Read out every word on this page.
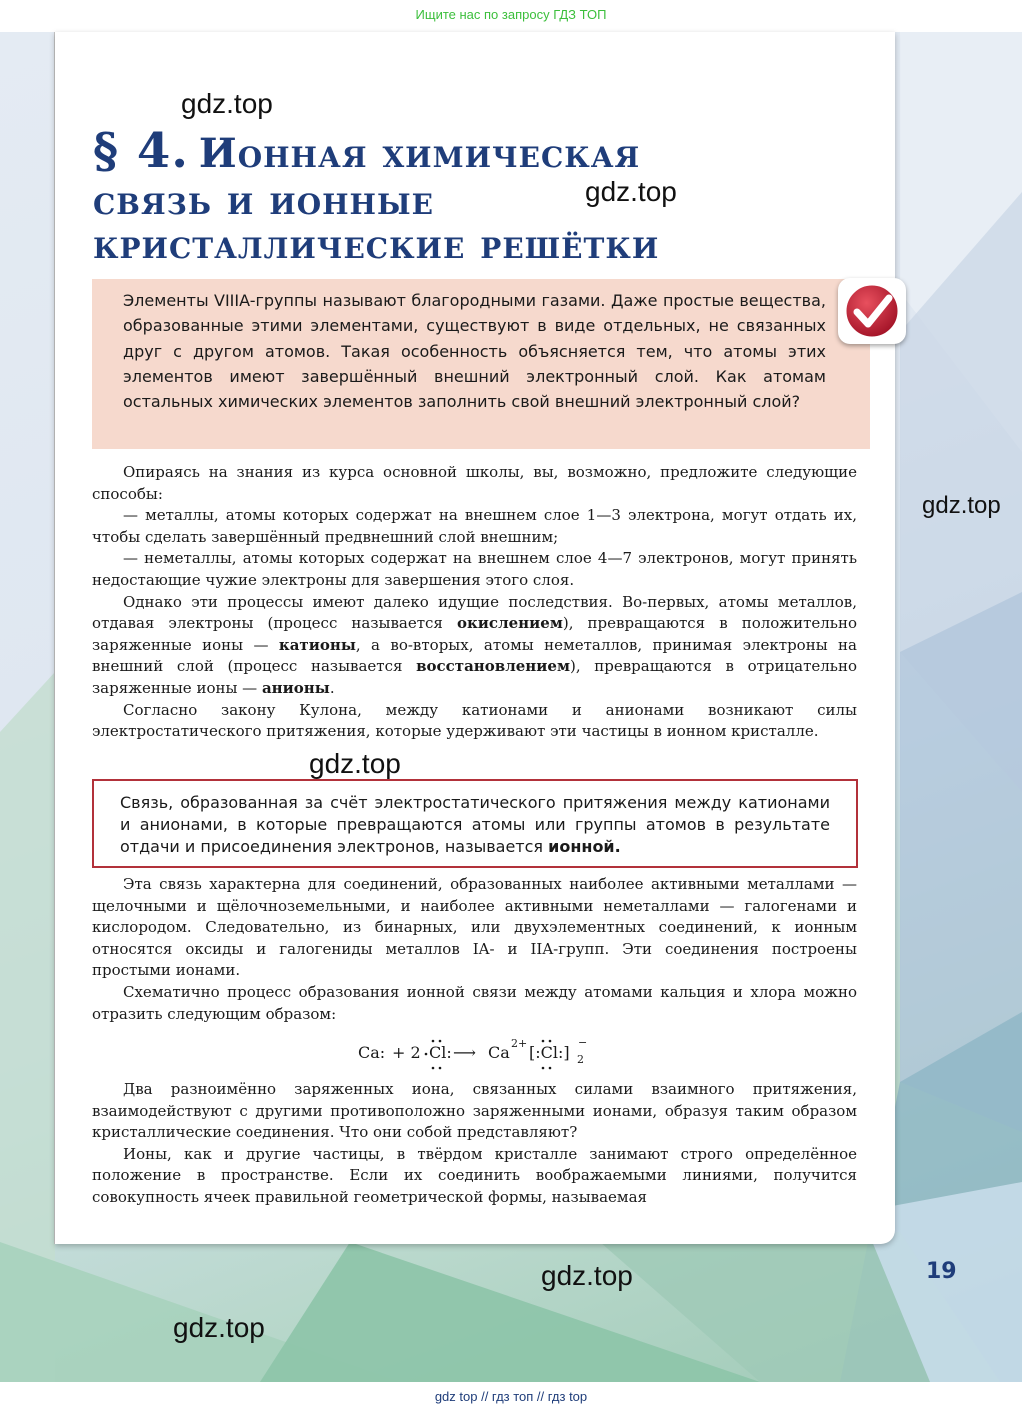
Ищите нас по запросу ГДЗ ТОП
§ 4. Ионная химическая
связь и ионные
кристаллические решётки

Элементы VIIIA-группы называют благородными газами. Даже простые вещества, образованные этими элементами, существуют в виде отдельных, не связанных друг с другом атомов. Такая особенность объясняется тем, что атомы этих элементов имеют завершённый внешний электронный слой. Как атомам остальных химических элементов заполнить свой внешний электронный слой?

Опираясь на знания из курса основной школы, вы, возможно, предложите следующие способы:

— металлы, атомы которых содержат на внешнем слое 1—3 электрона, могут отдать их, чтобы сделать завершённый предвнешний слой внешним;

— неметаллы, атомы которых содержат на внешнем слое 4—7 электронов, могут принять недостающие чужие электроны для завершения этого слоя.

Однако эти процессы имеют далеко идущие последствия. Во-первых, атомы металлов, отдавая электроны (процесс называется окислением), превращаются в положительно заряженные ионы — катионы, а во-вторых, атомы неметаллов, принимая электроны на внешний слой (процесс называется восстановлением), превращаются в отрицательно заряженные ионы — анионы.

Согласно закону Кулона, между катионами и анионами возникают силы электростатического притяжения, которые удерживают эти частицы в ионном кристалле.

Связь, образованная за счёт электростатического притяжения между катионами и анионами, в которые превращаются атомы или группы атомов в результате отдачи и присоединения электронов, называется ионной.

Эта связь характерна для соединений, образованных наиболее активными металлами — щелочными и щёлочноземельными, и наиболее активными неметаллами — галогенами и кислородом. Следовательно, из бинарных, или двухэлементных соединений, к ионным относятся оксиды и галогениды металлов IA- и IIA-групп. Эти соединения построены простыми ионами.

Схематично процесс образования ионной связи между атомами кальция и хлора можно отразить следующим образом:

Ca: + 2 Cl: ⟶ Ca 2+ [:Cl:] 2
−

Два разноимённо заряженных иона, связанных силами взаимного притяжения, взаимодействуют с другими противоположно заряженными ионами, образуя таким образом кристаллические соединения. Что они собой представляют?

Ионы, как и другие частицы, в твёрдом кристалле занимают строго определённое положение в пространстве. Если их соединить воображаемыми линиями, получится совокупность ячеек правильной геометрической формы, называемая

gdz.top
gdz.top
gdz.top
gdz.top
gdz.top
gdz.top
19
gdz top // гдз топ // гдз top
